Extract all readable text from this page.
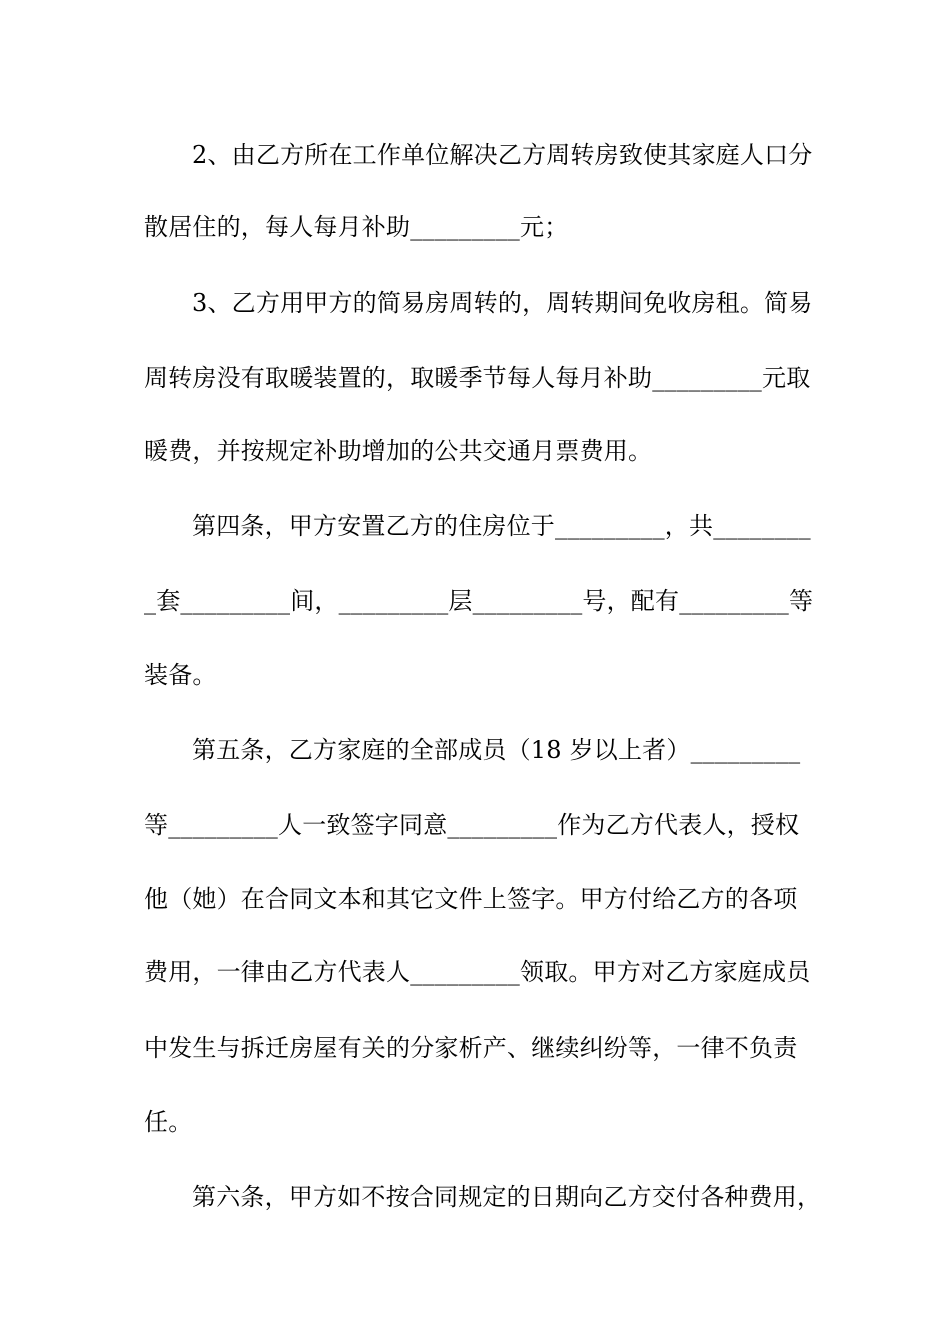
2、由乙方所在工作单位解决乙方周转房致使其家庭人口分
散居住的，每人每月补助_________元；
3、乙方用甲方的简易房周转的，周转期间免收房租。简易
周转房没有取暖装置的，取暖季节每人每月补助_________元取
暖费，并按规定补助增加的公共交通月票费用。
第四条，甲方安置乙方的住房位于_________，共________
_套_________间，_________层_________号，配有_________等
装备。
第五条，乙方家庭的全部成员（18 岁以上者）_________
等_________人一致签字同意_________作为乙方代表人，授权
他（她）在合同文本和其它文件上签字。甲方付给乙方的各项
费用，一律由乙方代表人_________领取。甲方对乙方家庭成员
中发生与拆迁房屋有关的分家析产、继续纠纷等，一律不负责
任。
第六条，甲方如不按合同规定的日期向乙方交付各种费用，
